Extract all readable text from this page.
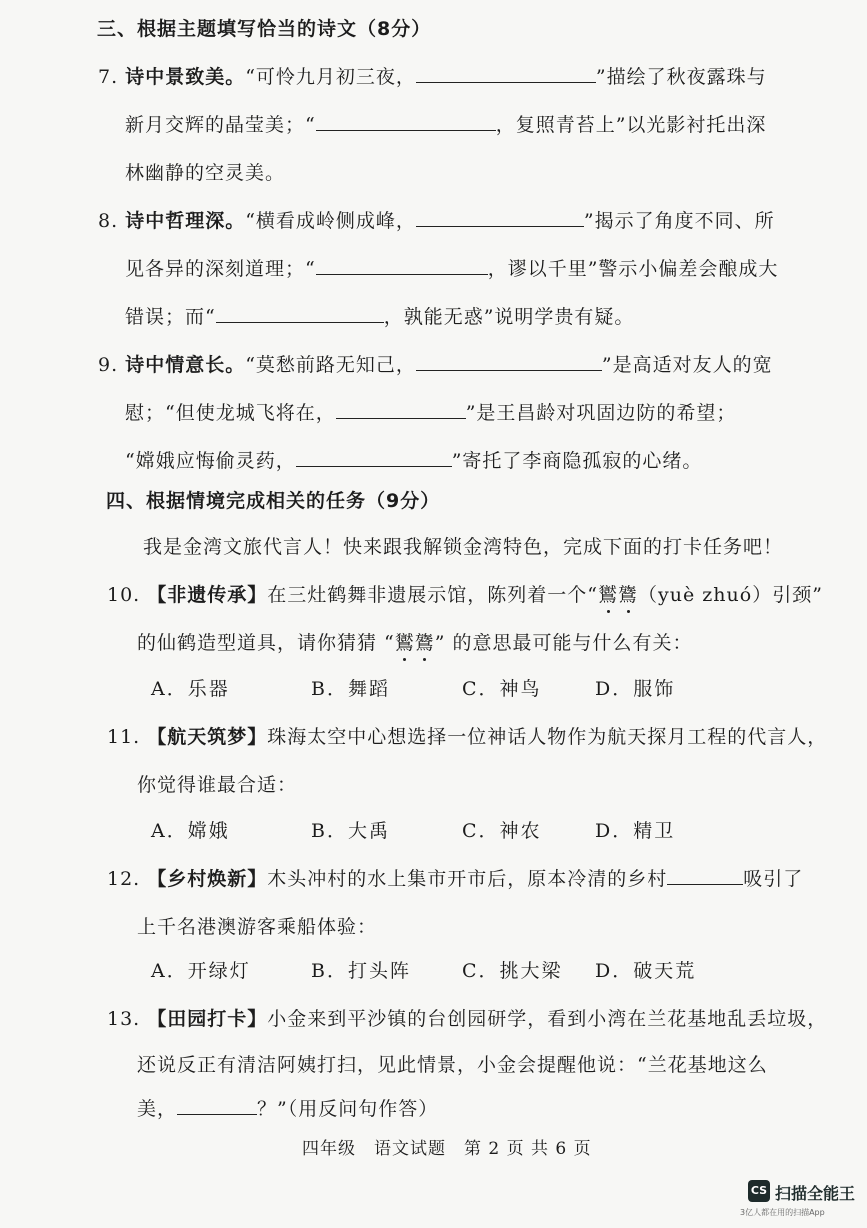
三、根据主题填写恰当的诗文（8分）
7. 诗中景致美。“可怜九月初三夜，	”描绘了秋夜露珠与
新月交辉的晶莹美；“	，复照青苔上”以光影衬托出深
林幽静的空灵美。
8. 诗中哲理深。“横看成岭侧成峰，	”揭示了角度不同、所
见各异的深刻道理；“	，谬以千里”警示小偏差会酿成大
错误；而“	，孰能无惑”说明学贵有疑。
9. 诗中情意长。“莫愁前路无知己，	”是高适对友人的宽
慰；“但使龙城飞将在，	”是王昌龄对巩固边防的希望；
“嫦娥应悔偷灵药，	”寄托了李商隐孤寂的心绪。
四、根据情境完成相关的任务（9分）
我是金湾文旅代言人！快来跟我解锁金湾特色，完成下面的打卡任务吧！
10. 【非遗传承】在三灶鹤舞非遗展示馆，陈列着一个“鸑鷟（yuè zhuó）引颈”
的仙鹤造型道具，请你猜猜 “鸑鷟” 的意思最可能与什么有关：
A．乐器	B．舞蹈	C．神鸟	D．服饰
11. 【航天筑梦】珠海太空中心想选择一位神话人物作为航天探月工程的代言人，
你觉得谁最合适：
A．嫦娥	B．大禹	C．神农	D．精卫
12. 【乡村焕新】木头冲村的水上集市开市后，原本冷清的乡村	吸引了
上千名港澳游客乘船体验：
A．开绿灯	B．打头阵	C．挑大梁 D．破天荒
13. 【田园打卡】小金来到平沙镇的台创园研学，看到小湾在兰花基地乱丢垃圾，
还说反正有清洁阿姨打扫，见此情景，小金会提醒他说：“兰花基地这么
美，	？”（用反问句作答）
四年级　语文试题　第 2 页 共 6 页
CS 扫描全能王
3亿人都在用的扫描App
